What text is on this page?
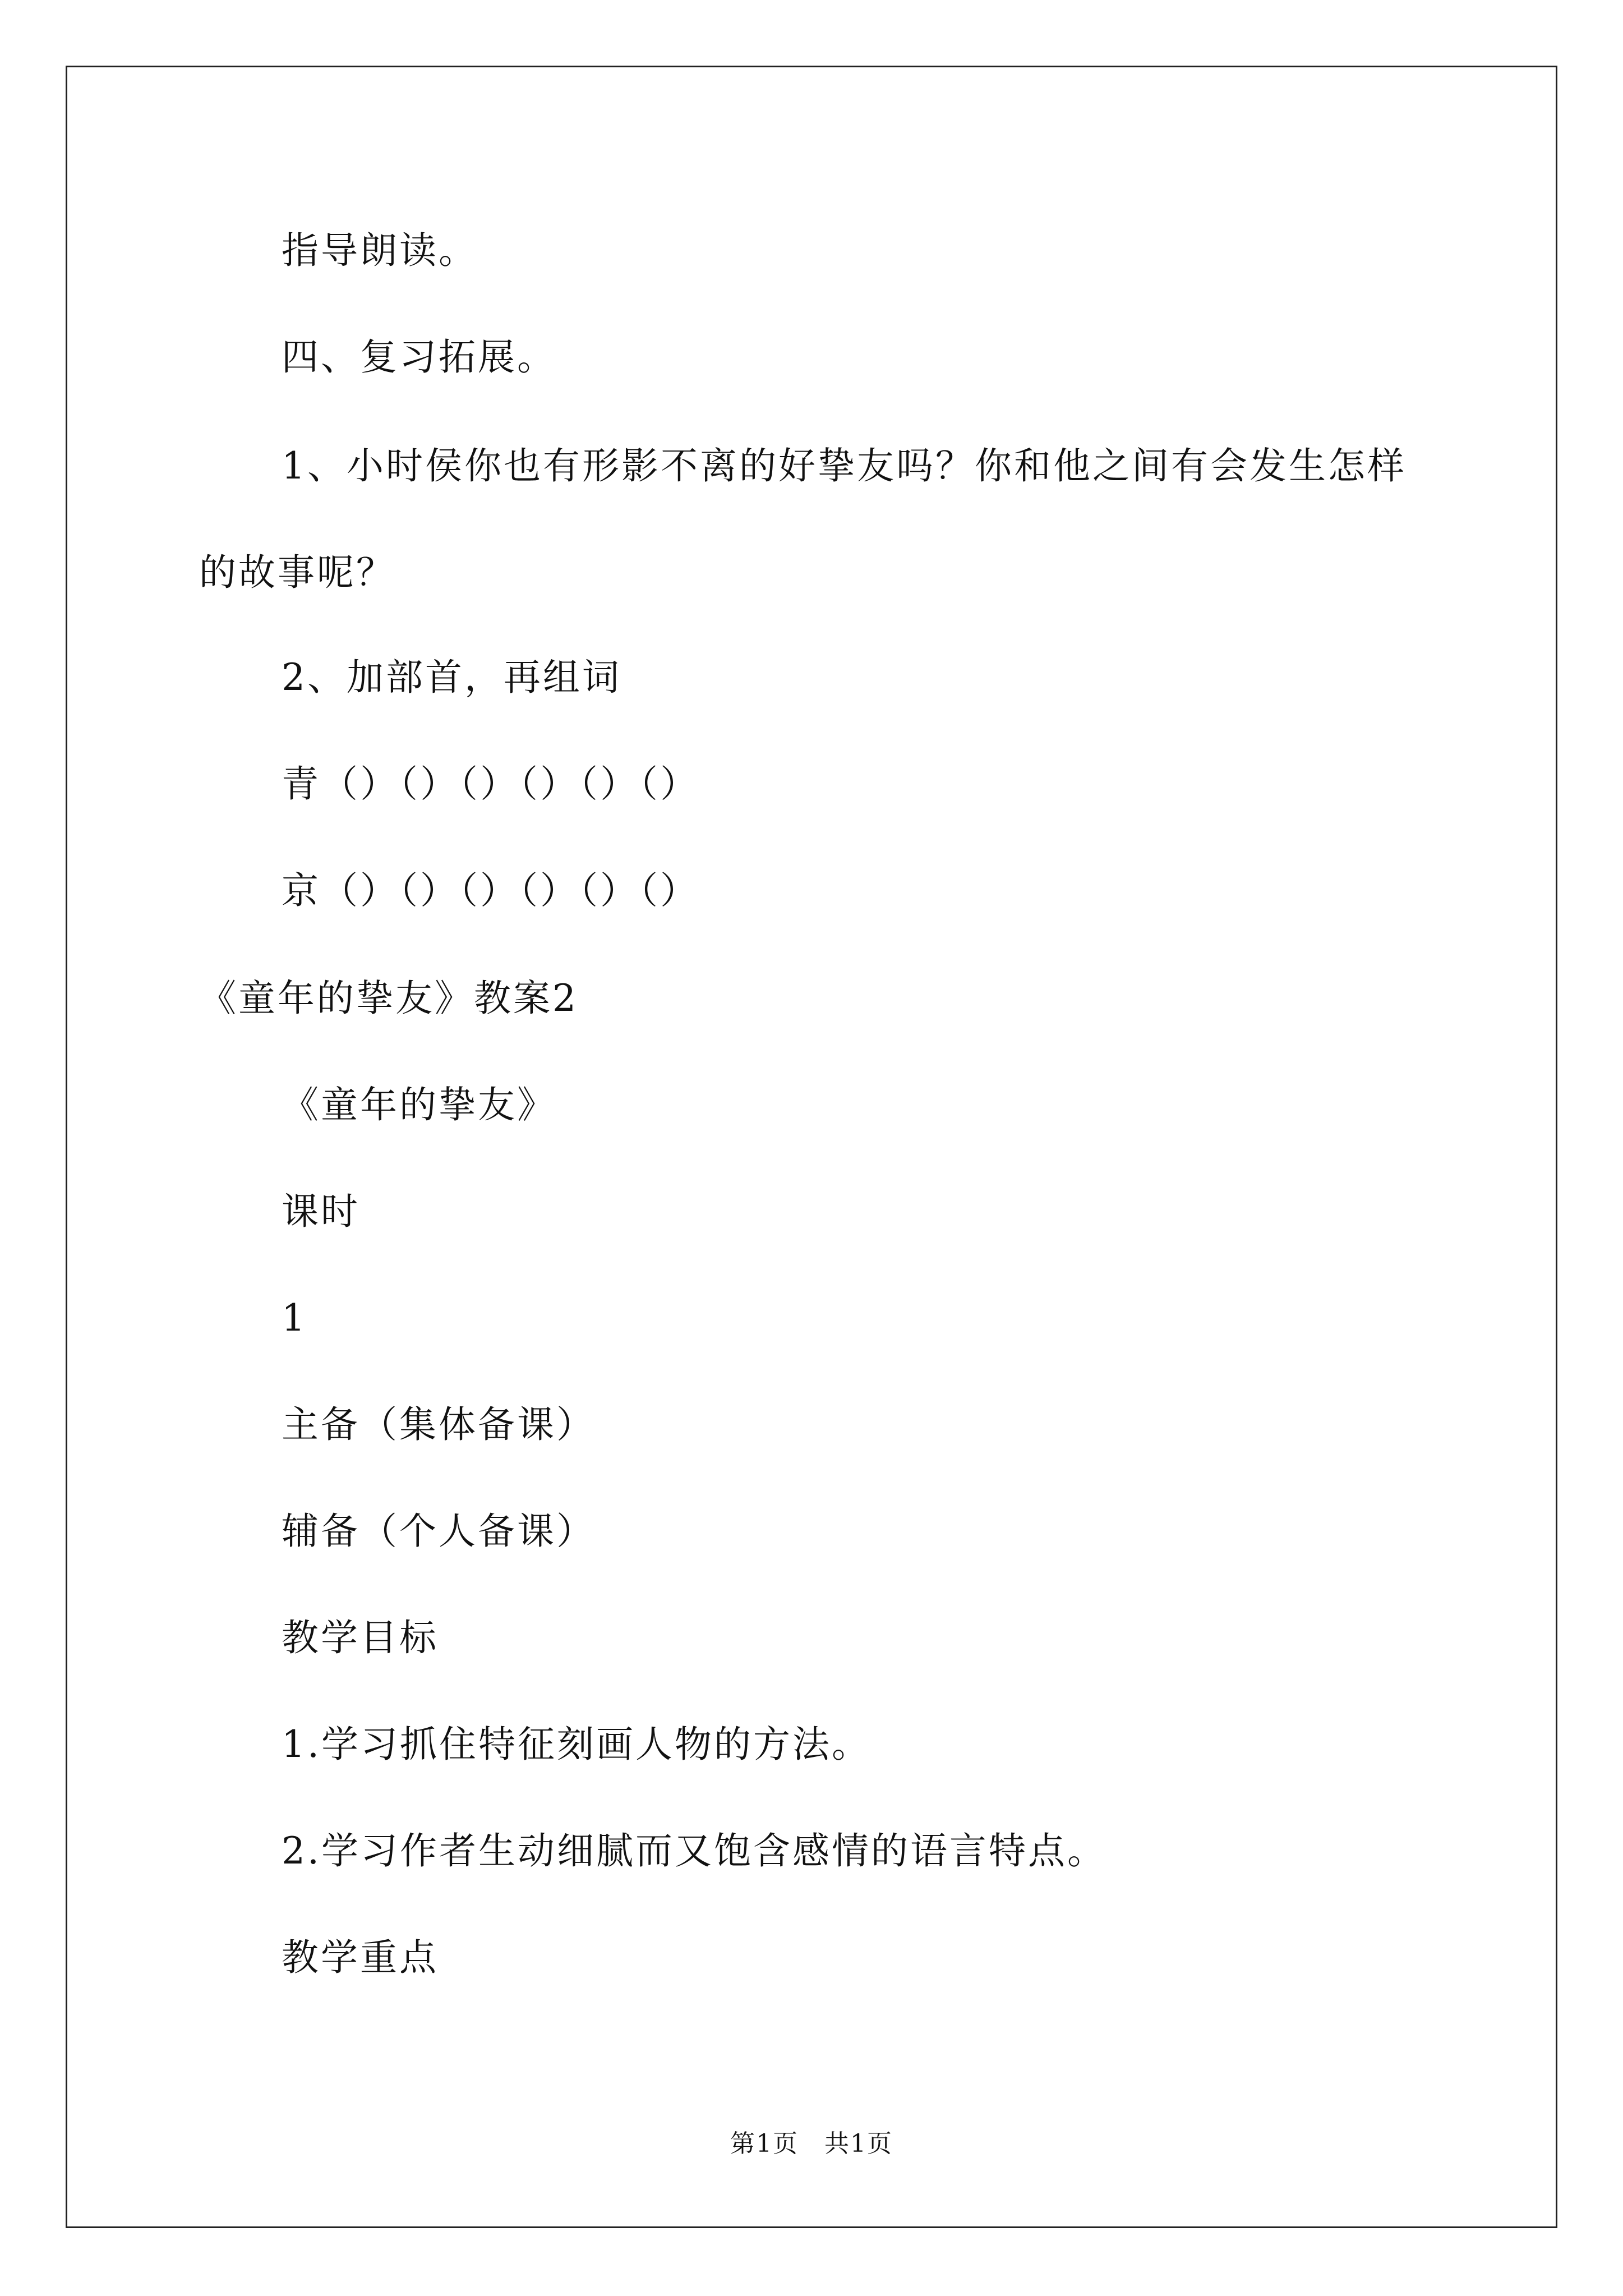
指导朗读。
四、复习拓展。
1、小时侯你也有形影不离的好挚友吗？你和他之间有会发生怎样
的故事呢？
2、加部首，再组词
青（）（）（）（）（）（）
京（）（）（）（）（）（）
《童年的挚友》教案2
《童年的挚友》
课时
1
主备（集体备课）
辅备（个人备课）
教学目标
1.学习抓住特征刻画人物的方法。
2.学习作者生动细腻而又饱含感情的语言特点。
教学重点
第1页　共1页
